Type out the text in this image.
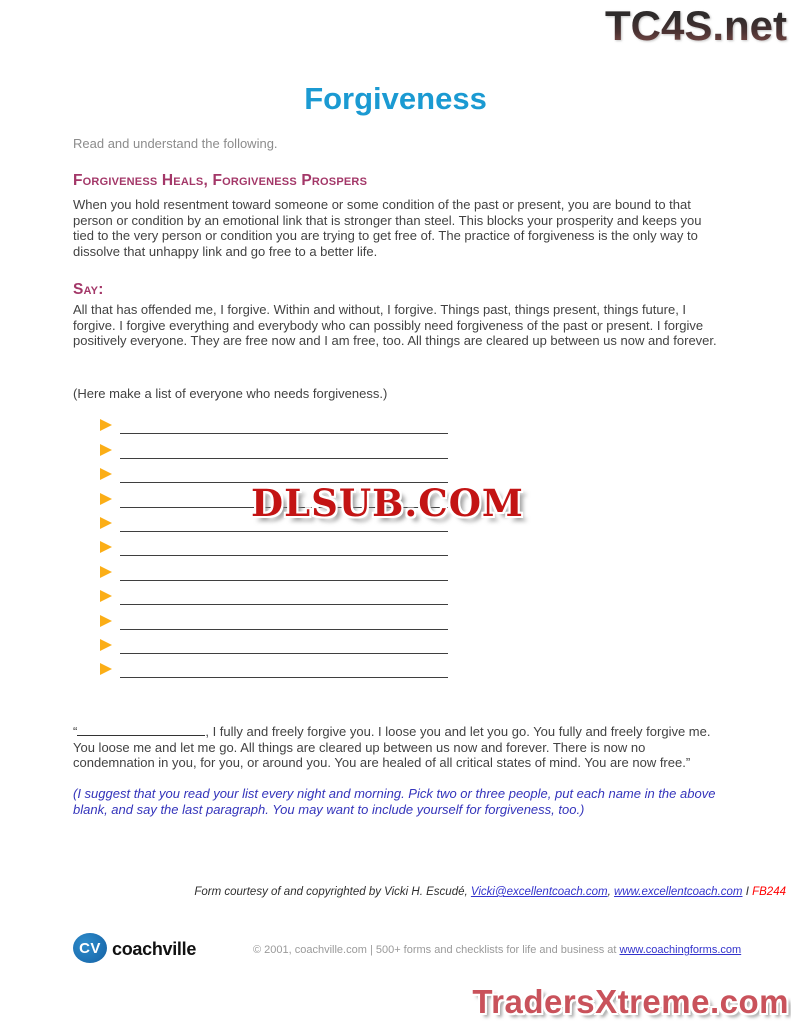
TC4S.net
Forgiveness
Read and understand the following.
Forgiveness Heals, Forgiveness Prospers
When you hold resentment toward someone or some condition of the past or present, you are bound to that person or condition by an emotional link that is stronger than steel. This blocks your prosperity and keeps you tied to the very person or condition you are trying to get free of. The practice of forgiveness is the only way to dissolve that unhappy link and go free to a better life.
Say:
All that has offended me, I forgive. Within and without, I forgive. Things past, things present, things future, I forgive. I forgive everything and everybody who can possibly need forgiveness of the past or present. I forgive positively everyone. They are free now and I am free, too. All things are cleared up between us now and forever.
(Here make a list of everyone who needs forgiveness.)
DLSUB.COM
“	, I fully and freely forgive you. I loose you and let you go. You fully and freely forgive me. You loose me and let me go. All things are cleared up between us now and forever. There is now no condemnation in you, for you, or around you. You are healed of all critical states of mind. You are now free.”
(I suggest that you read your list every night and morning. Pick two or three people, put each name in the above blank, and say the last paragraph. You may want to include yourself for forgiveness, too.)
Form courtesy of and copyrighted by Vicki H. Escudé, Vicki@excellentcoach.com, www.excellentcoach.com I FB244
CV coachville	© 2001, coachville.com | 500+ forms and checklists for life and business at www.coachingforms.com
TradersXtreme.com
